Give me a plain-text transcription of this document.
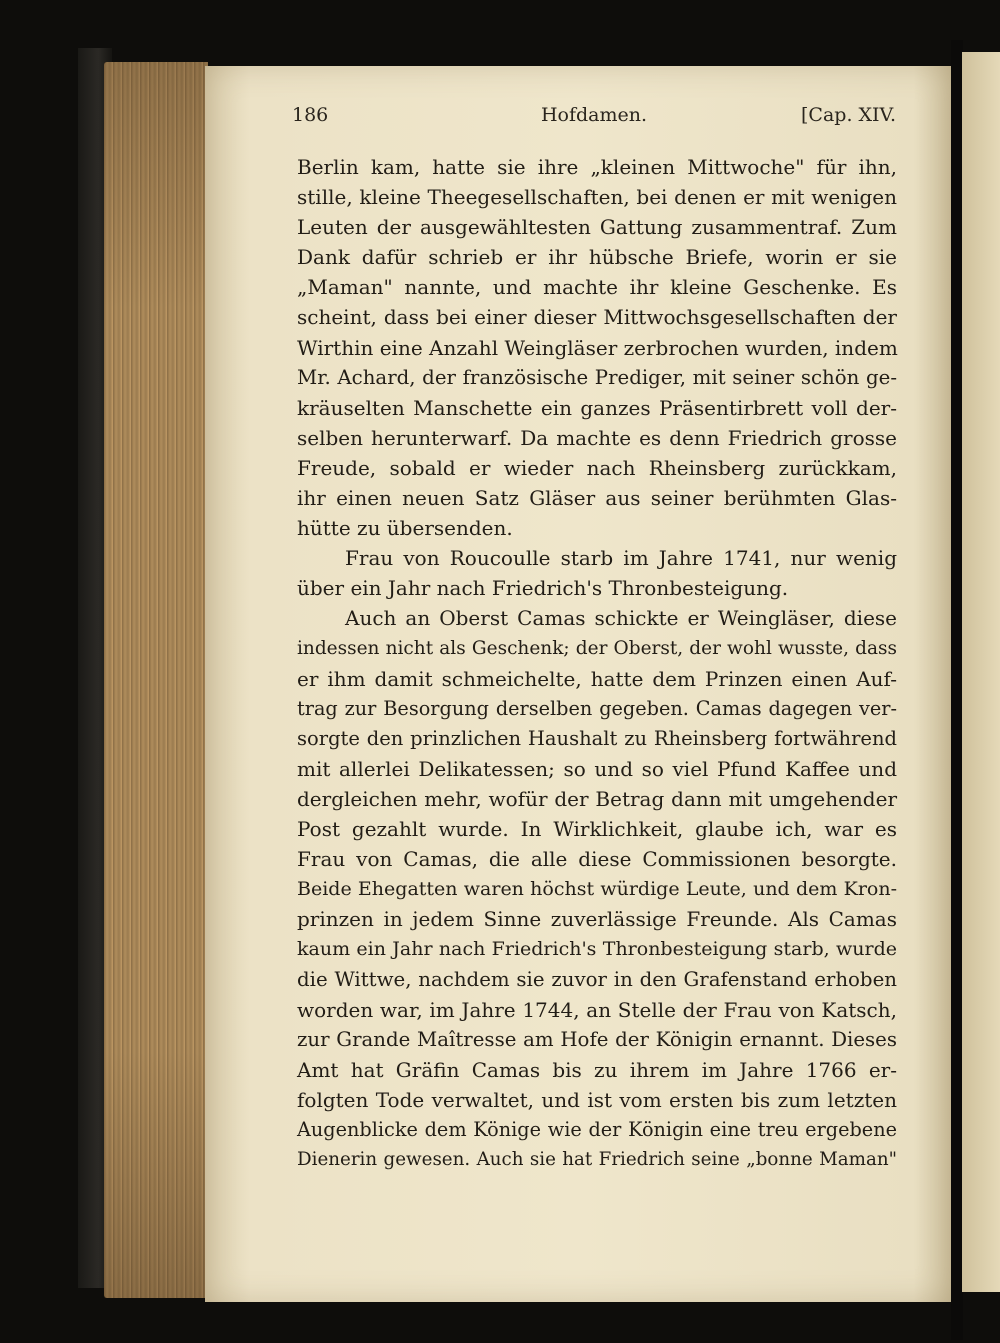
186	Hofdamen.	[Cap. XIV.
Berlin kam, hatte sie ihre „kleinen Mittwoche" für ihn,
stille, kleine Theegesellschaften, bei denen er mit wenigen
Leuten der ausgewähltesten Gattung zusammentraf. Zum
Dank dafür schrieb er ihr hübsche Briefe, worin er sie
„Maman" nannte, und machte ihr kleine Geschenke. Es
scheint, dass bei einer dieser Mittwochsgesellschaften der
Wirthin eine Anzahl Weingläser zerbrochen wurden, indem
Mr. Achard, der französische Prediger, mit seiner schön ge-
kräuselten Manschette ein ganzes Präsentirbrett voll der-
selben herunterwarf. Da machte es denn Friedrich grosse
Freude, sobald er wieder nach Rheinsberg zurückkam,
ihr einen neuen Satz Gläser aus seiner berühmten Glas-
hütte zu übersenden.
Frau von Roucoulle starb im Jahre 1741, nur wenig
über ein Jahr nach Friedrich's Thronbesteigung.
Auch an Oberst Camas schickte er Weingläser, diese
indessen nicht als Geschenk; der Oberst, der wohl wusste, dass
er ihm damit schmeichelte, hatte dem Prinzen einen Auf-
trag zur Besorgung derselben gegeben. Camas dagegen ver-
sorgte den prinzlichen Haushalt zu Rheinsberg fortwährend
mit allerlei Delikatessen; so und so viel Pfund Kaffee und
dergleichen mehr, wofür der Betrag dann mit umgehender
Post gezahlt wurde. In Wirklichkeit, glaube ich, war es
Frau von Camas, die alle diese Commissionen besorgte.
Beide Ehegatten waren höchst würdige Leute, und dem Kron-
prinzen in jedem Sinne zuverlässige Freunde. Als Camas
kaum ein Jahr nach Friedrich's Thronbesteigung starb, wurde
die Wittwe, nachdem sie zuvor in den Grafenstand erhoben
worden war, im Jahre 1744, an Stelle der Frau von Katsch,
zur Grande Maîtresse am Hofe der Königin ernannt. Dieses
Amt hat Gräfin Camas bis zu ihrem im Jahre 1766 er-
folgten Tode verwaltet, und ist vom ersten bis zum letzten
Augenblicke dem Könige wie der Königin eine treu ergebene
Dienerin gewesen. Auch sie hat Friedrich seine „bonne Maman"
